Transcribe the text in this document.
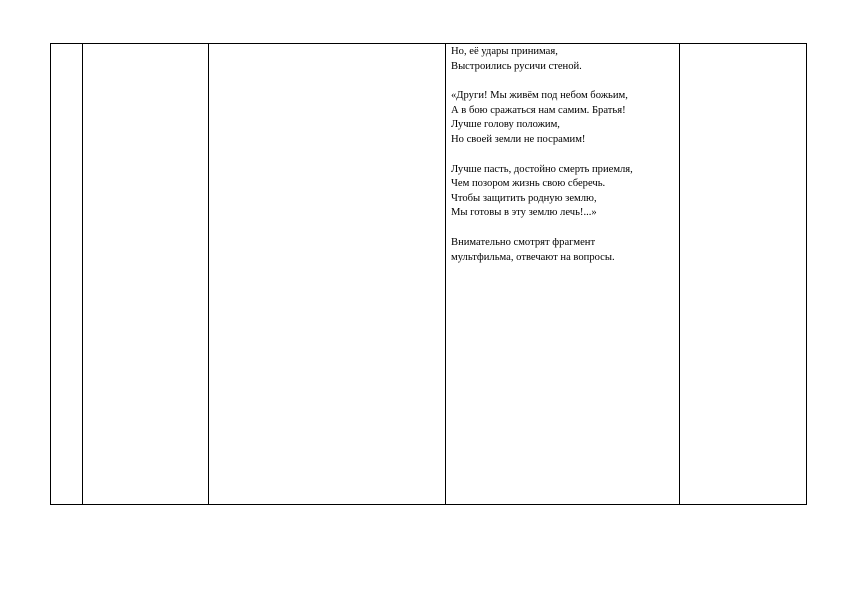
Но, её удары принимая,
Выстроились русичи стеной.
«Други! Мы живём под небом божьим,
А в бою сражаться нам самим. Братья!
Лучше голову положим,
Но своей земли не посрамим!
Лучше пасть, достойно смерть приемля,
Чем позором жизнь свою сберечь.
Чтобы защитить родную землю,
Мы готовы в эту землю лечь!...»
Внимательно смотрят фрагмент
мультфильма, отвечают на вопросы.
